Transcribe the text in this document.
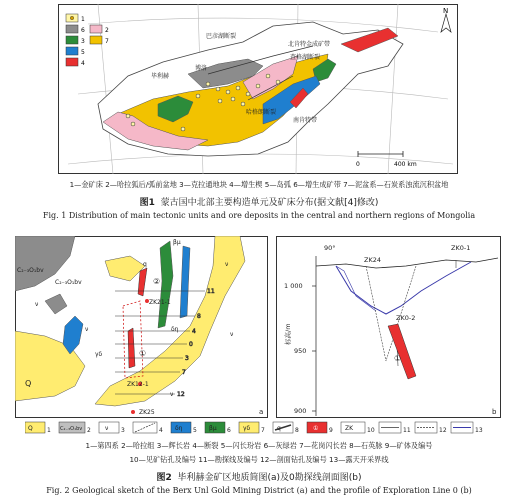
1
2
3
5
4
7
6
巴彦湖断裂
北肯特金成矿带
查格湖断裂
毕利赫
博洛
哈格朗断裂
南肯特带
N
0	400 km
1—金矿床 2—哈拉狐后/弧前盆地 3—克拉通地块 4—增生楔 5—岛弧 6—增生成矿带 7—泥盆系—石炭系浊流沉积盆地
图1 蒙古国中北部主要构造单元及矿床分布(据文献[4]修改)
Fig. 1 Distribution of main tectonic units and ore deposits in the central and northern regions of Mongolia
11
8
4
0
3
7
12
C₂₋₃O₁bv
C₂₋₃O₁bv
Q
βμ
ZK21-1
ZK12-1
ZK25	a
①
②
ν
ν
ν
ν
ν
γδ
δη
q
1 000
950
900
标高/m
90°
ZK24
ZK0-1
ZK0-2
①
b
Q	C₂₋₃O₁bv	ν	δη	βμ	γδ	①	ZK
1	2	3	4	5	6	7	8	9	10	11	12	13
1—第四系 2—哈拉组 3—辉长岩 4—断裂 5—闪长玢岩 6—灰绿岩 7—花岗闪长岩 8—石英脉 9—矿体及编号
10—见矿钻孔及编号 11—勘探线及编号 12—剖面钻孔及编号 13—露天开采界线
图2 毕利赫金矿区地质简图(a)及0勘探线剖面图(b)
Fig. 2 Geological sketch of the Berx Unl Gold Mining District (a) and the profile of Exploration Line 0 (b)
